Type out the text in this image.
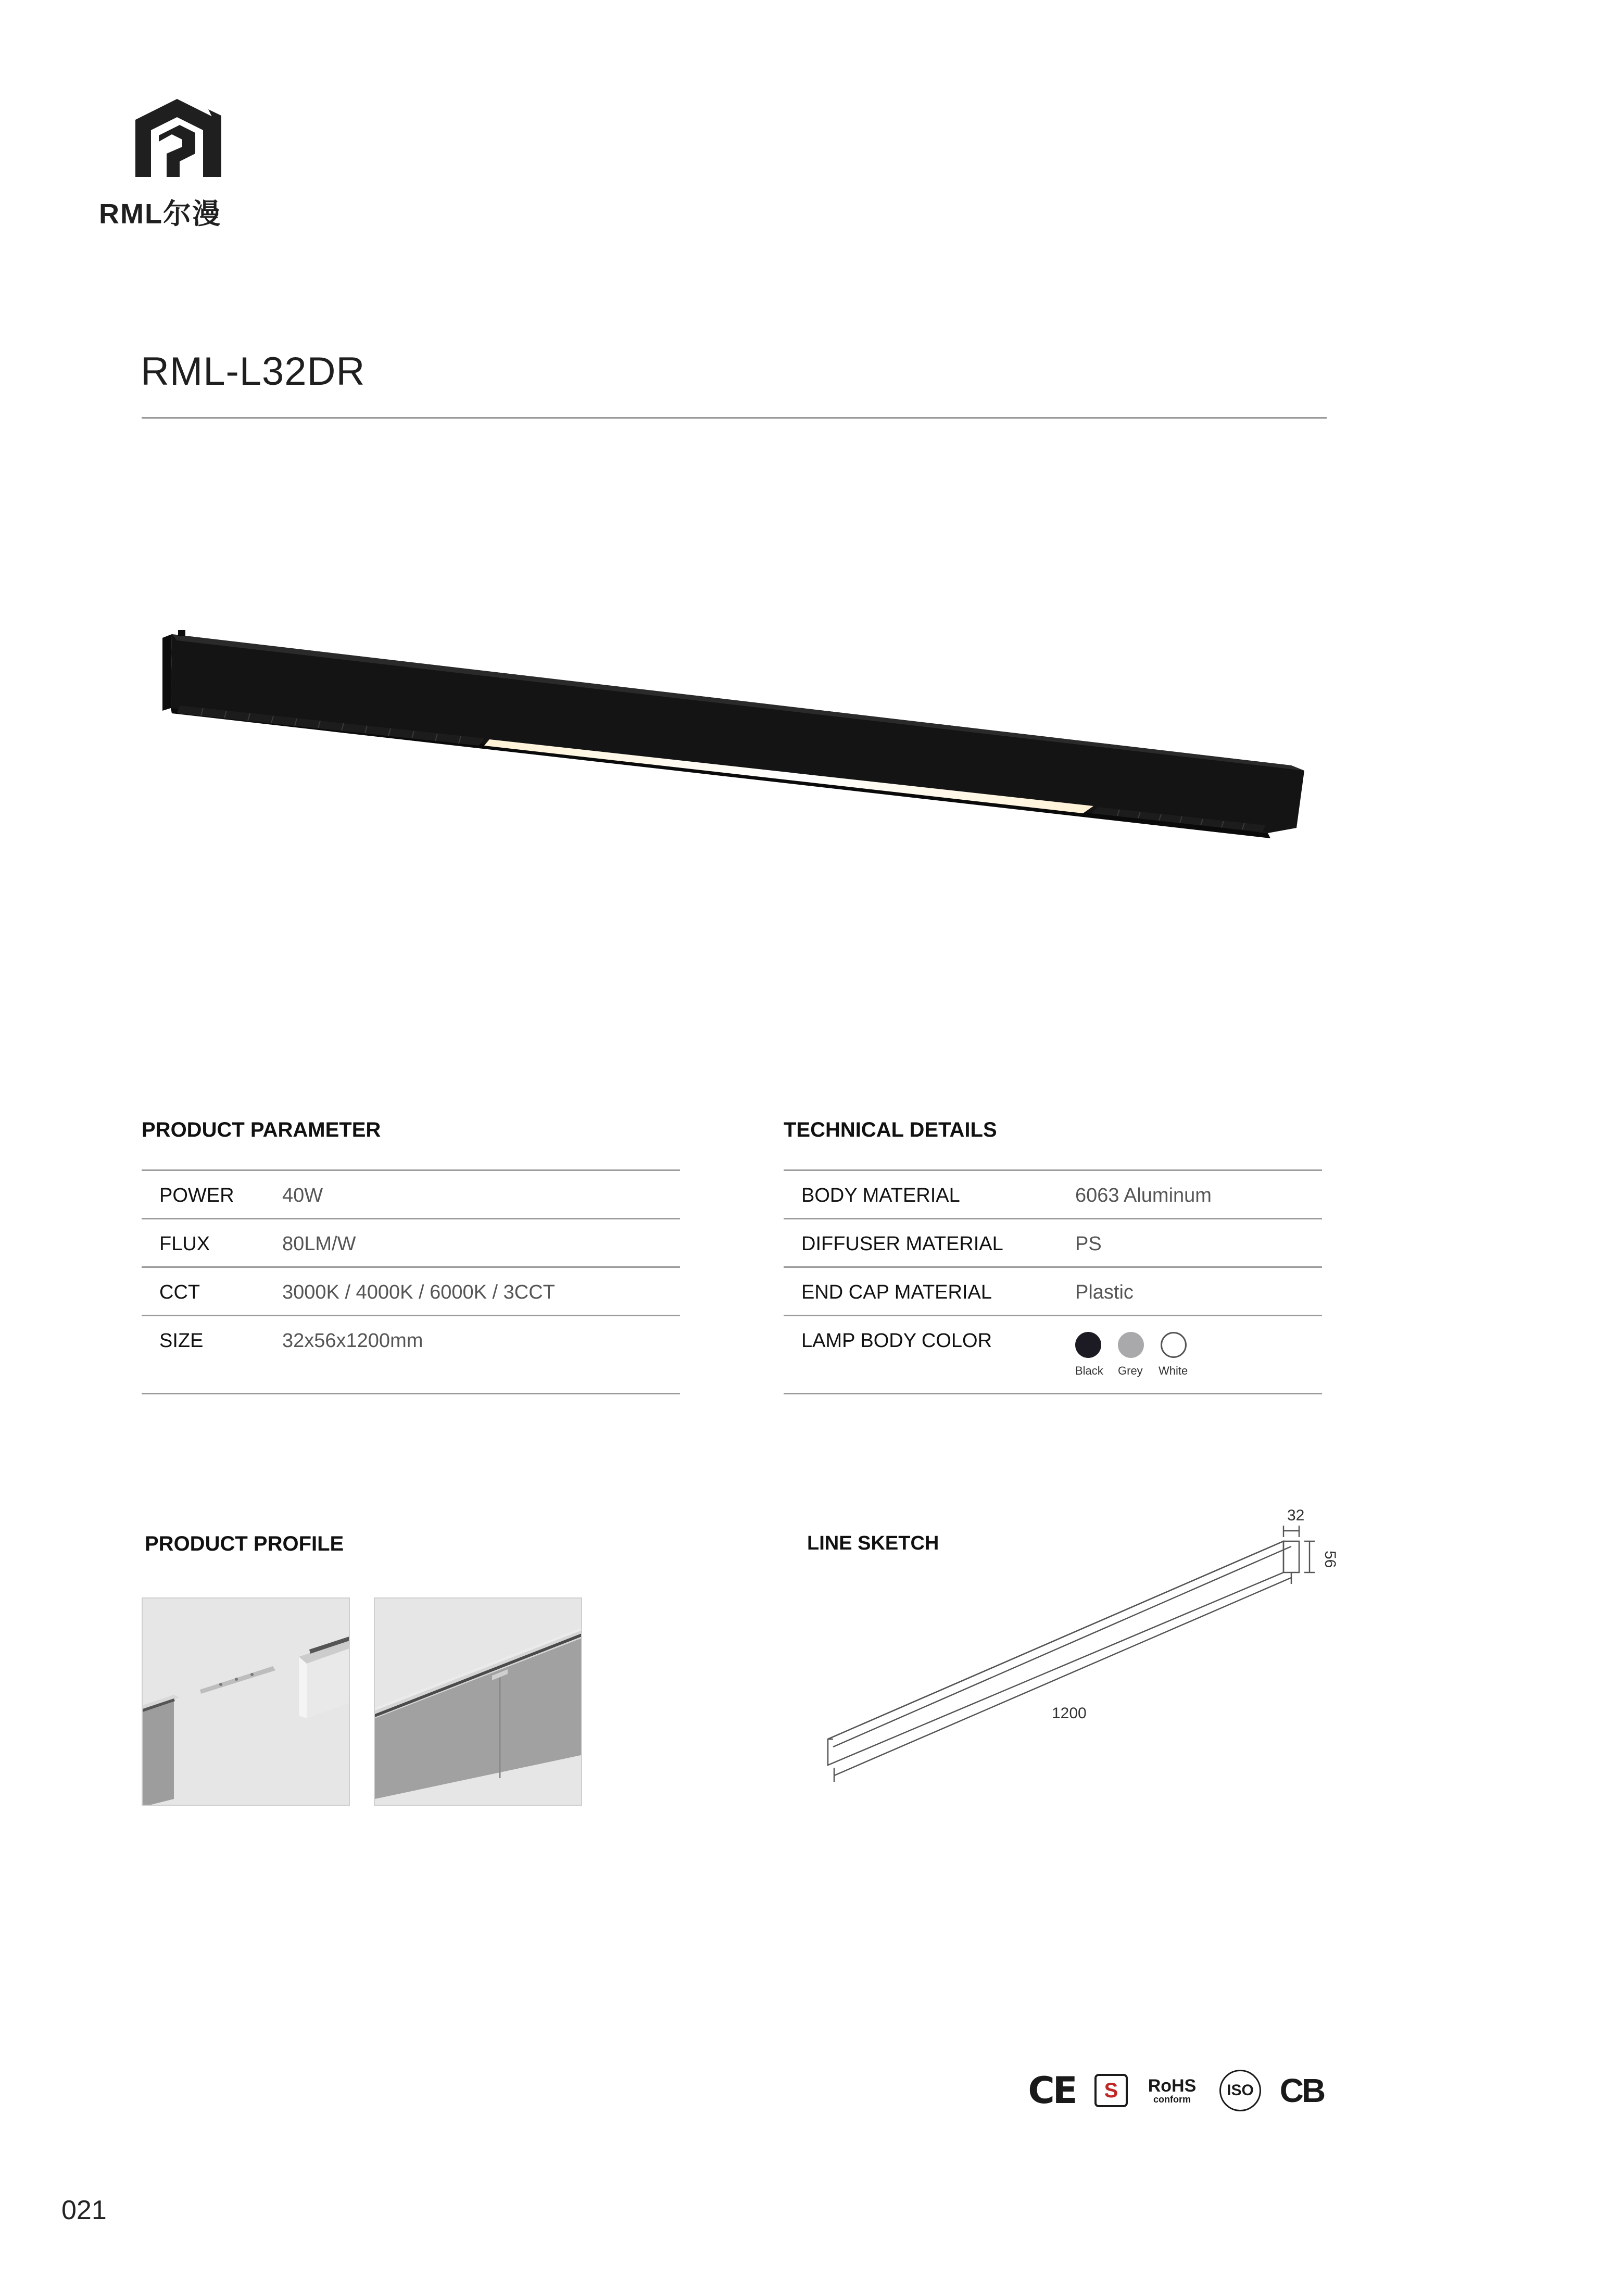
RML尔漫
RML-L32DR
PRODUCT PARAMETER
POWER 40W
FLUX	80LM/W
CCT	3000K / 4000K / 6000K / 3CCT
SIZE	32x56x1200mm
TECHNICAL DETAILS
BODY MATERIAL	6063 Aluminum
DIFFUSER MATERIAL	PS
END CAP MATERIAL	Plastic
LAMP BODY COLOR
Black Grey White
PRODUCT PROFILE	LINE SKETCH
32
56
1200
CE	S	RoHS
conform
ISO CB
021
